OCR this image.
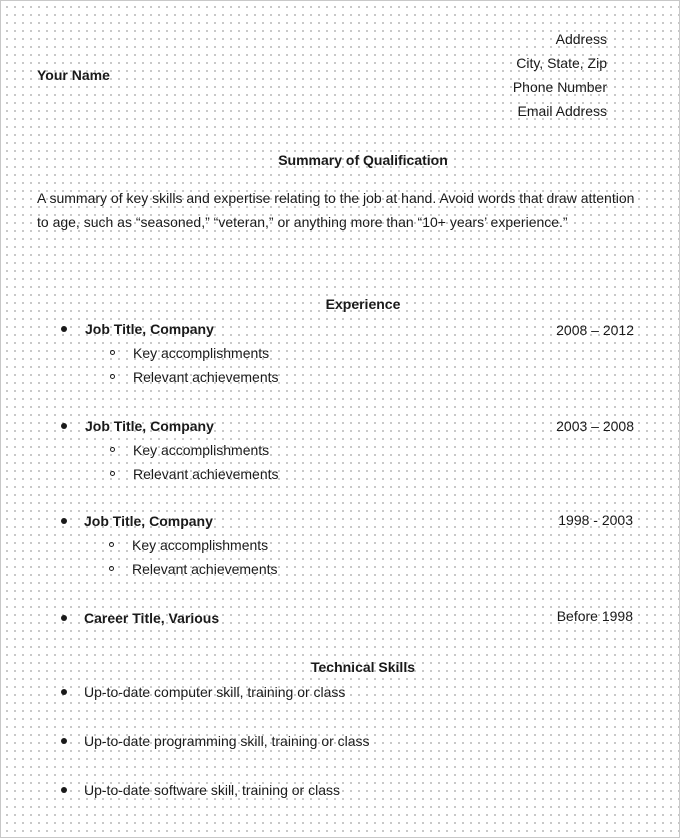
Your Name
Address
City, State, Zip
Phone Number
Email Address
Summary of Qualification
A summary of key skills and expertise relating to the job at hand. Avoid words that draw attention to age, such as “seasoned,” “veteran,” or anything more than “10+ years’ experience.”
Experience
Job Title, Company	2008 – 2012
Key accomplishments
Relevant achievements
Job Title, Company	2003 – 2008
Key accomplishments
Relevant achievements
Job Title, Company	1998 - 2003
Key accomplishments
Relevant achievements
Career Title, Various	Before 1998
Technical Skills
Up-to-date computer skill, training or class
Up-to-date programming skill, training or class
Up-to-date software skill, training or class
